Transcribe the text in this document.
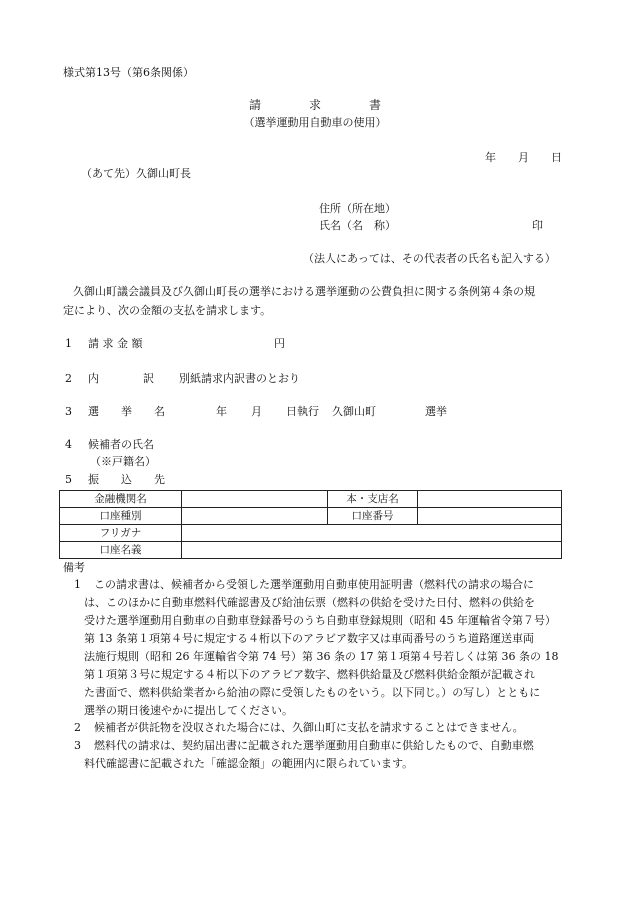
様式第13号（第6条関係）
請　　　　求　　　　書
（選挙運動用自動車の使用）
年　　月　　日
（あて先）久御山町長
住所（所在地）
氏名（名　称）	印
（法人にあっては、その代表者の氏名も記入する）
久御山町議会議員及び久御山町長の選挙における選挙運動の公費負担に関する条例第４条の規
定により、次の金額の支払を請求します。
1 請 求 金 額	円
2 内　　　　訳 別紙請求内訳書のとおり
3 選　　挙　　名	年 月 日執行 久御山町	選挙
4 候補者の氏名
（※戸籍名）
5 振　　込　　先
金融機関名		本・支店名	
口座種別		口座番号	
フリガナ			
口座名義			
備考
1 この請求書は、候補者から受領した選挙運動用自動車使用証明書（燃料代の請求の場合に
は、このほかに自動車燃料代確認書及び給油伝票（燃料の供給を受けた日付、燃料の供給を
受けた選挙運動用自動車の自動車登録番号のうち自動車登録規則（昭和 45 年運輸省令第７号）
第 13 条第１項第４号に規定する４桁以下のアラビア数字又は車両番号のうち道路運送車両
法施行規則（昭和 26 年運輸省令第 74 号）第 36 条の 17 第１項第４号若しくは第 36 条の 18
第１項第３号に規定する４桁以下のアラビア数字、燃料供給量及び燃料供給金額が記載され
た書面で、燃料供給業者から給油の際に受領したものをいう。以下同じ。）の写し）とともに
選挙の期日後速やかに提出してください。
2 候補者が供託物を没収された場合には、久御山町に支払を請求することはできません。
3 燃料代の請求は、契約届出書に記載された選挙運動用自動車に供給したもので、自動車燃
料代確認書に記載された「確認金額」の範囲内に限られています。
